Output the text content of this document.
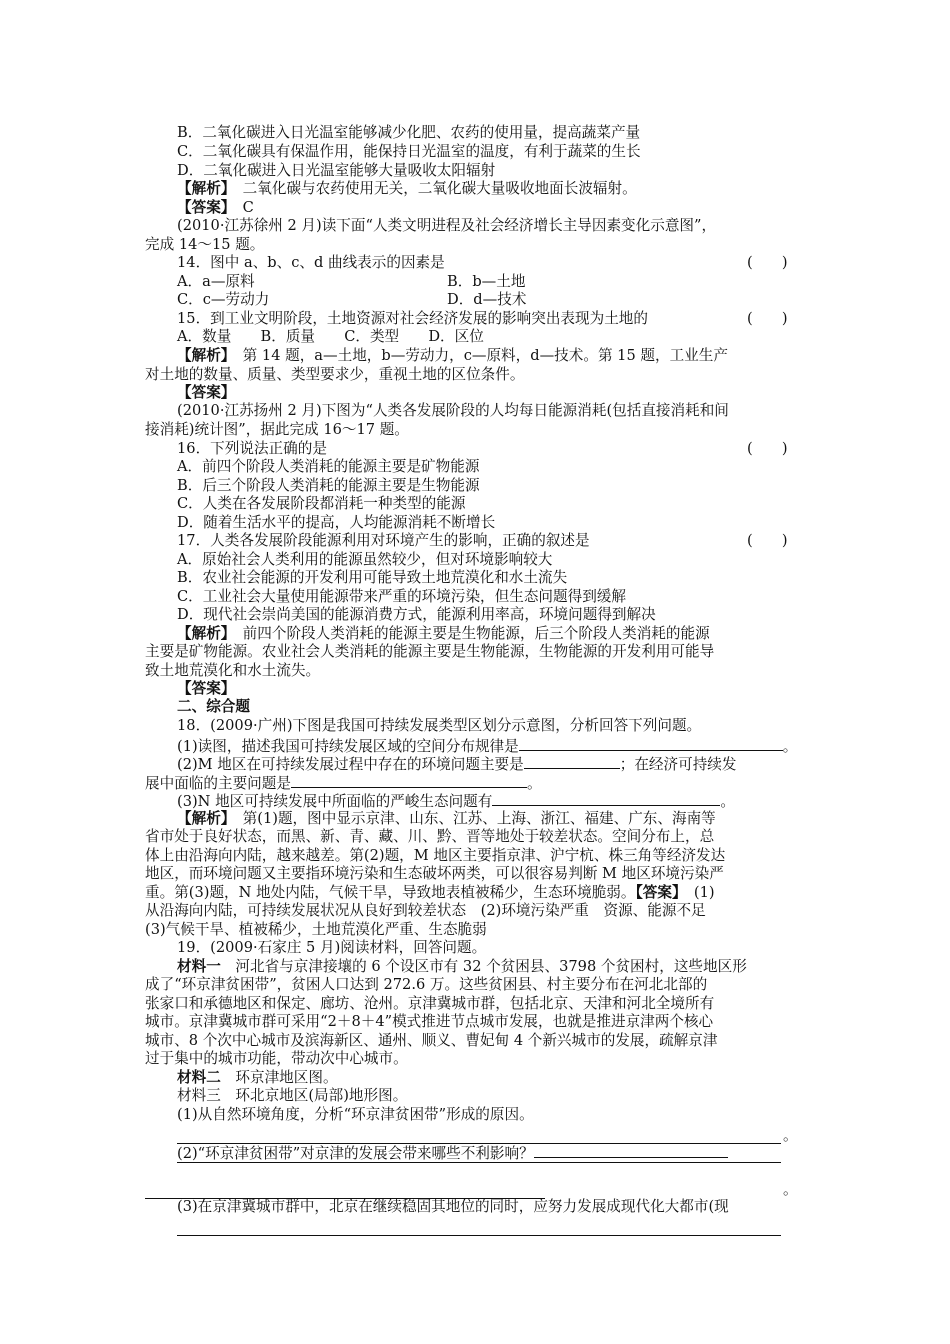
B．二氧化碳进入日光温室能够减少化肥、农药的使用量，提高蔬菜产量
C．二氧化碳具有保温作用，能保持日光温室的温度，有利于蔬菜的生长
D．二氧化碳进入日光温室能够大量吸收太阳辐射
【解析】　二氧化碳与农药使用无关，二氧化碳大量吸收地面长波辐射。
【答案】　C
(2010·江苏徐州 2 月)读下面“人类文明进程及社会经济增长主导因素变化示意图”，
完成 14～15 题。
14．图中 a、b、c、d 曲线表示的因素是	(　　)
A．a—原料	B．b—土地
C．c—劳动力	D．d—技术
15．到工业文明阶段，土地资源对社会经济发展的影响突出表现为土地的	(　　)
A．数量　　B．质量　　C．类型　　D．区位
【解析】　第 14 题，a—土地，b—劳动力，c—原料，d—技术。第 15 题，工业生产
对土地的数量、质量、类型要求少，重视土地的区位条件。
【答案】
(2010·江苏扬州 2 月)下图为“人类各发展阶段的人均每日能源消耗(包括直接消耗和间
接消耗)统计图”，据此完成 16～17 题。
16．下列说法正确的是	(　　)
A．前四个阶段人类消耗的能源主要是矿物能源
B．后三个阶段人类消耗的能源主要是生物能源
C．人类在各发展阶段都消耗一种类型的能源
D．随着生活水平的提高，人均能源消耗不断增长
17．人类各发展阶段能源利用对环境产生的影响，正确的叙述是	(　　)
A．原始社会人类利用的能源虽然较少，但对环境影响较大
B．农业社会能源的开发利用可能导致土地荒漠化和水土流失
C．工业社会大量使用能源带来严重的环境污染，但生态问题得到缓解
D．现代社会崇尚美国的能源消费方式，能源利用率高，环境问题得到解决
【解析】　前四个阶段人类消耗的能源主要是生物能源，后三个阶段人类消耗的能源
主要是矿物能源。农业社会人类消耗的能源主要是生物能源，生物能源的开发利用可能导
致土地荒漠化和水土流失。
【答案】
二、综合题
18．(2009·广州)下图是我国可持续发展类型区划分示意图，分析回答下列问题。
(1)读图，描述我国可持续发展区域的空间分布规律是	。
(2)M 地区在可持续发展过程中存在的环境问题主要是	；在经济可持续发
展中面临的主要问题是	。
(3)N 地区可持续发展中所面临的严峻生态问题有	。
【解析】　第(1)题，图中显示京津、山东、江苏、上海、浙江、福建、广东、海南等
省市处于良好状态，而黑、新、青、藏、川、黔、晋等地处于较差状态。空间分布上，总
体上由沿海向内陆，越来越差。第(2)题，M 地区主要指京津、沪宁杭、株三角等经济发达
地区，而环境问题又主要指环境污染和生态破坏两类，可以很容易判断 M 地区环境污染严
重。第(3)题，N 地处内陆，气候干旱，导致地表植被稀少，生态环境脆弱。【答案】　(1)
从沿海向内陆，可持续发展状况从良好到较差状态　(2)环境污染严重　资源、能源不足
(3)气候干旱、植被稀少，土地荒漠化严重、生态脆弱
19．(2009·石家庄 5 月)阅读材料，回答问题。
材料一　河北省与京津接壤的 6 个设区市有 32 个贫困县、3798 个贫困村，这些地区形
成了“环京津贫困带”，贫困人口达到 272.6 万。这些贫困县、村主要分布在河北北部的
张家口和承德地区和保定、廊坊、沧州。京津冀城市群，包括北京、天津和河北全境所有
城市。京津冀城市群可采用“2＋8＋4”模式推进节点城市发展，也就是推进京津两个核心
城市、8 个次中心城市及滨海新区、通州、顺义、曹妃甸 4 个新兴城市的发展，疏解京津
过于集中的城市功能，带动次中心城市。
材料二　环京津地区图。
材料三　环北京地区(局部)地形图。
(1)从自然环境角度，分析“环京津贫困带”形成的原因。
。
(2)“环京津贫困带”对京津的发展会带来哪些不利影响？
。
(3)在京津冀城市群中，北京在继续稳固其地位的同时，应努力发展成现代化大都市(现
